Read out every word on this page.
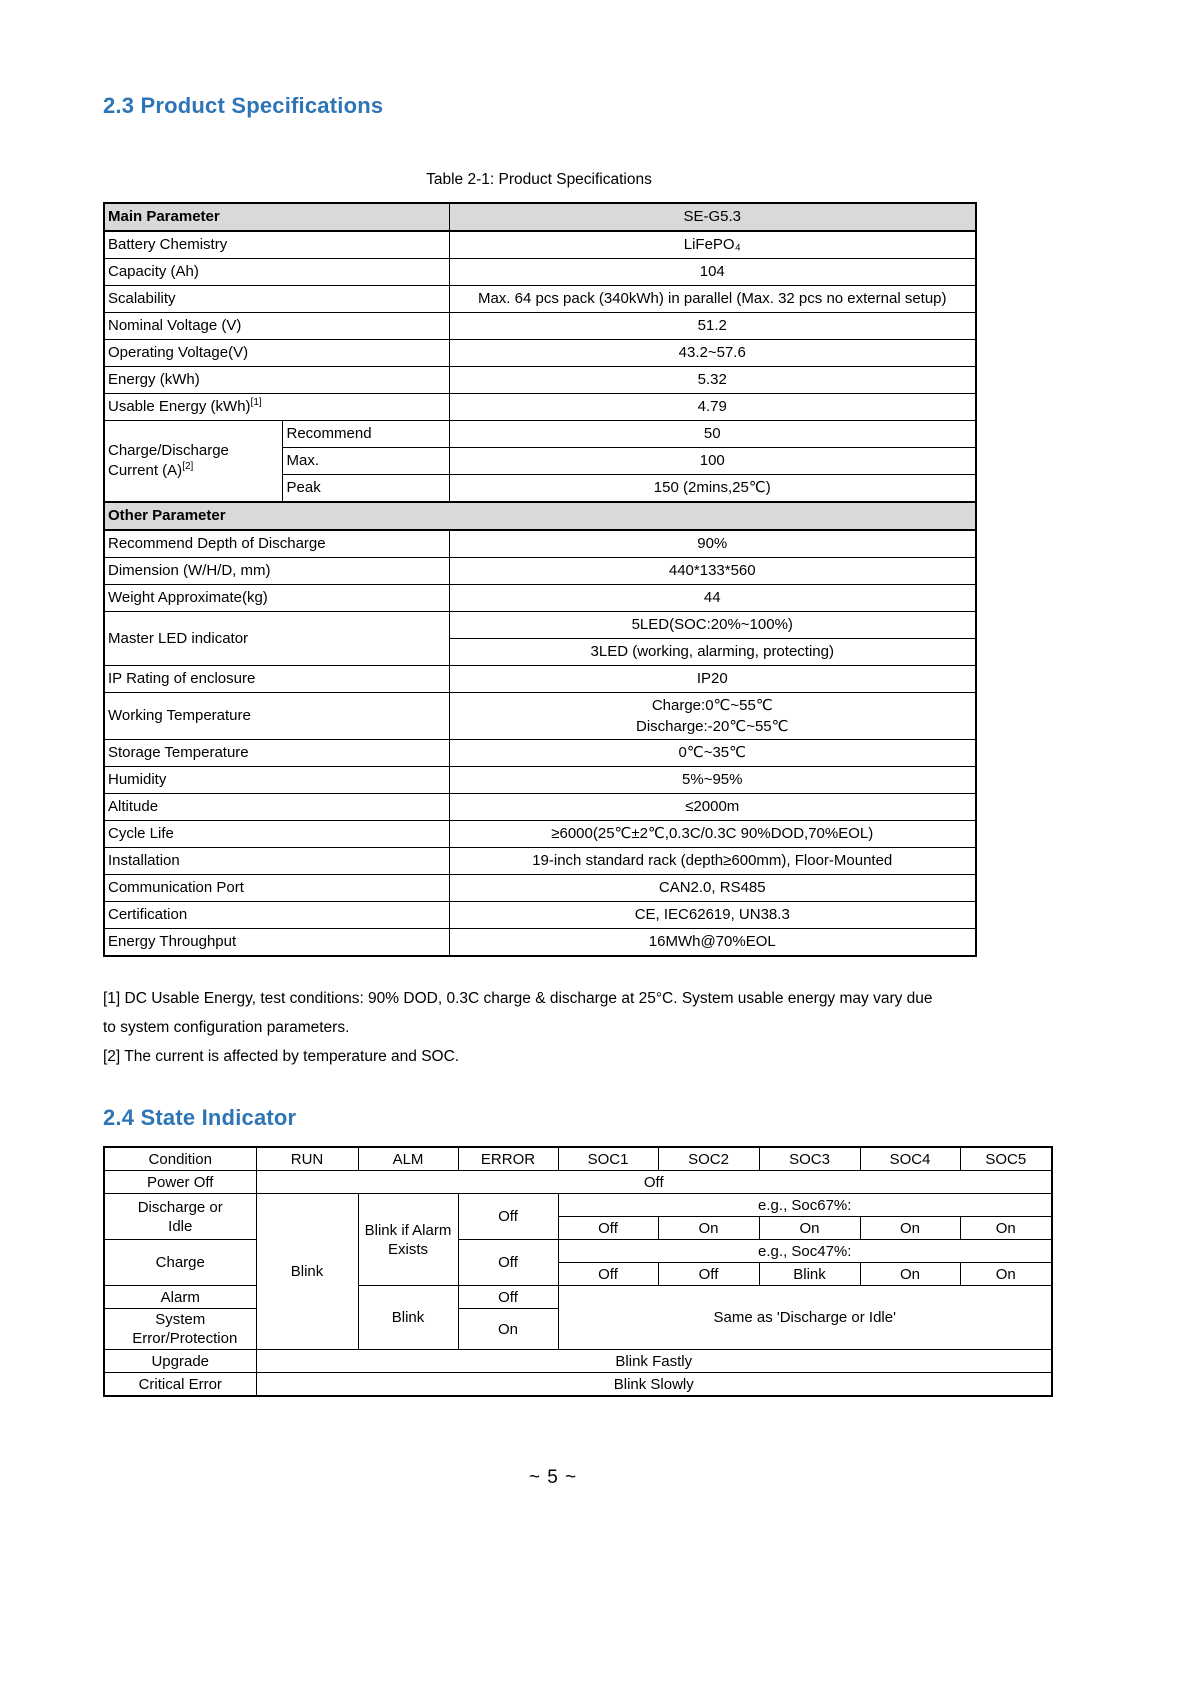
2.3 Product Specifications
Table 2-1: Product Specifications
Main Parameter		SE-G5.3
Battery Chemistry		LiFePO₄
Capacity (Ah)		104
Scalability		Max. 64 pcs pack (340kWh) in parallel (Max. 32 pcs no external setup)
Nominal Voltage (V)		51.2
Operating Voltage(V)		43.2~57.6
Energy (kWh)		5.32
Usable Energy (kWh)[1]		4.79
Charge/Discharge Current (A)[2]	Recommend	50
	Max.	100
	Peak	150 (2mins,25℃)
Other Parameter		
Recommend Depth of Discharge		90%
Dimension (W/H/D, mm)		440*133*560
Weight Approximate(kg)		44
Master LED indicator		5LED(SOC:20%~100%)
		3LED (working, alarming, protecting)
IP Rating of enclosure		IP20
Working Temperature		Charge:0℃~55℃
Discharge:-20℃~55℃

Storage Temperature		0℃~35℃
Humidity		5%~95%
Altitude		≤2000m
Cycle Life		≥6000(25℃±2℃,0.3C/0.3C 90%DOD,70%EOL)
Installation		19-inch standard rack (depth≥600mm), Floor-Mounted
Communication Port		CAN2.0, RS485
Certification		CE, IEC62619, UN38.3
Energy Throughput		16MWh@70%EOL

[1] DC Usable Energy, test conditions: 90% DOD, 0.3C charge & discharge at 25°C. System usable energy may vary due
to system configuration parameters.

[2] The current is affected by temperature and SOC.

2.4 State Indicator
Condition	RUN	ALM	ERROR	SOC1	SOC2	SOC3	SOC4	SOC5
Power Off	Off							
Discharge or Idle	Blink	Blink if Alarm Exists	Off	e.g., Soc67%:				
				Off	On	On	On	On
Charge			Off	e.g., Soc47%:				
				Off	Off	Blink	On	On
Alarm		Blink	Off	Same as 'Discharge or Idle'				
System Error/Protection			On					
Upgrade	Blink Fastly							
Critical Error	Blink Slowly							
~ 5 ~
